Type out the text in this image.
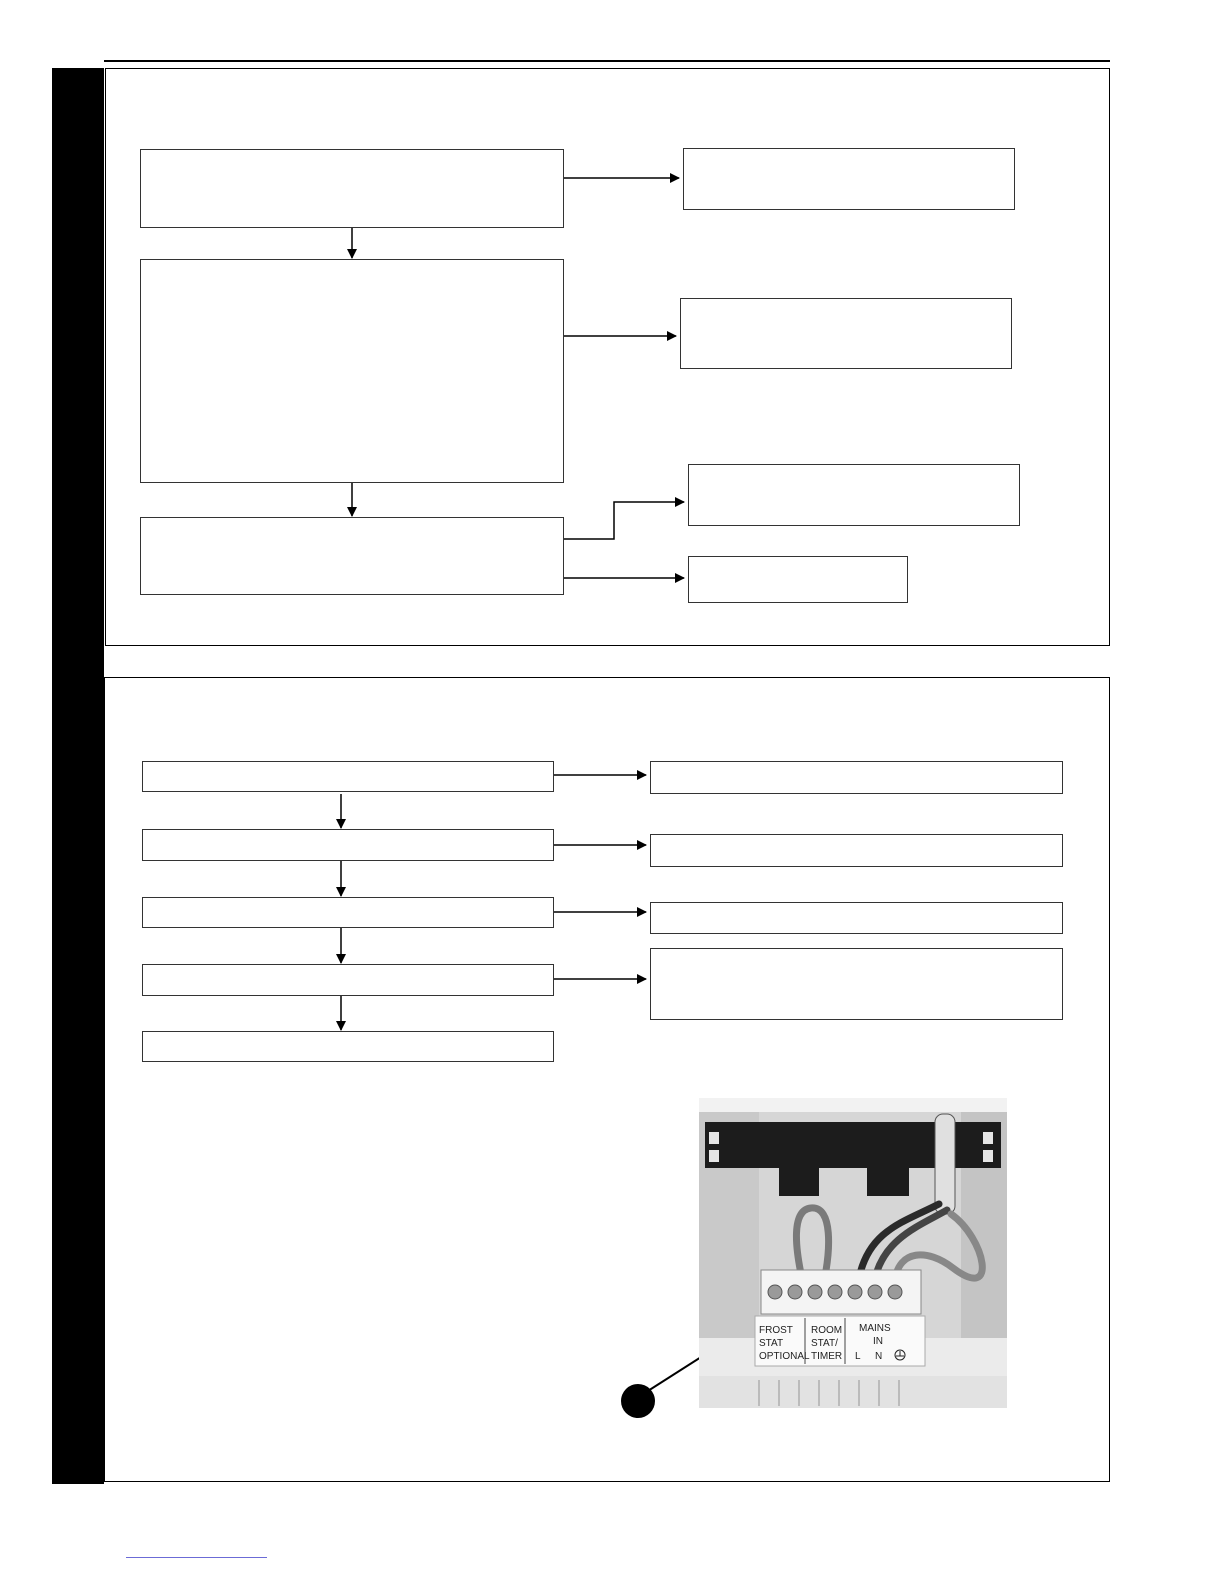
FROST
STAT
OPTIONAL
ROOM
STAT/
TIMER
MAINS
IN
L N
